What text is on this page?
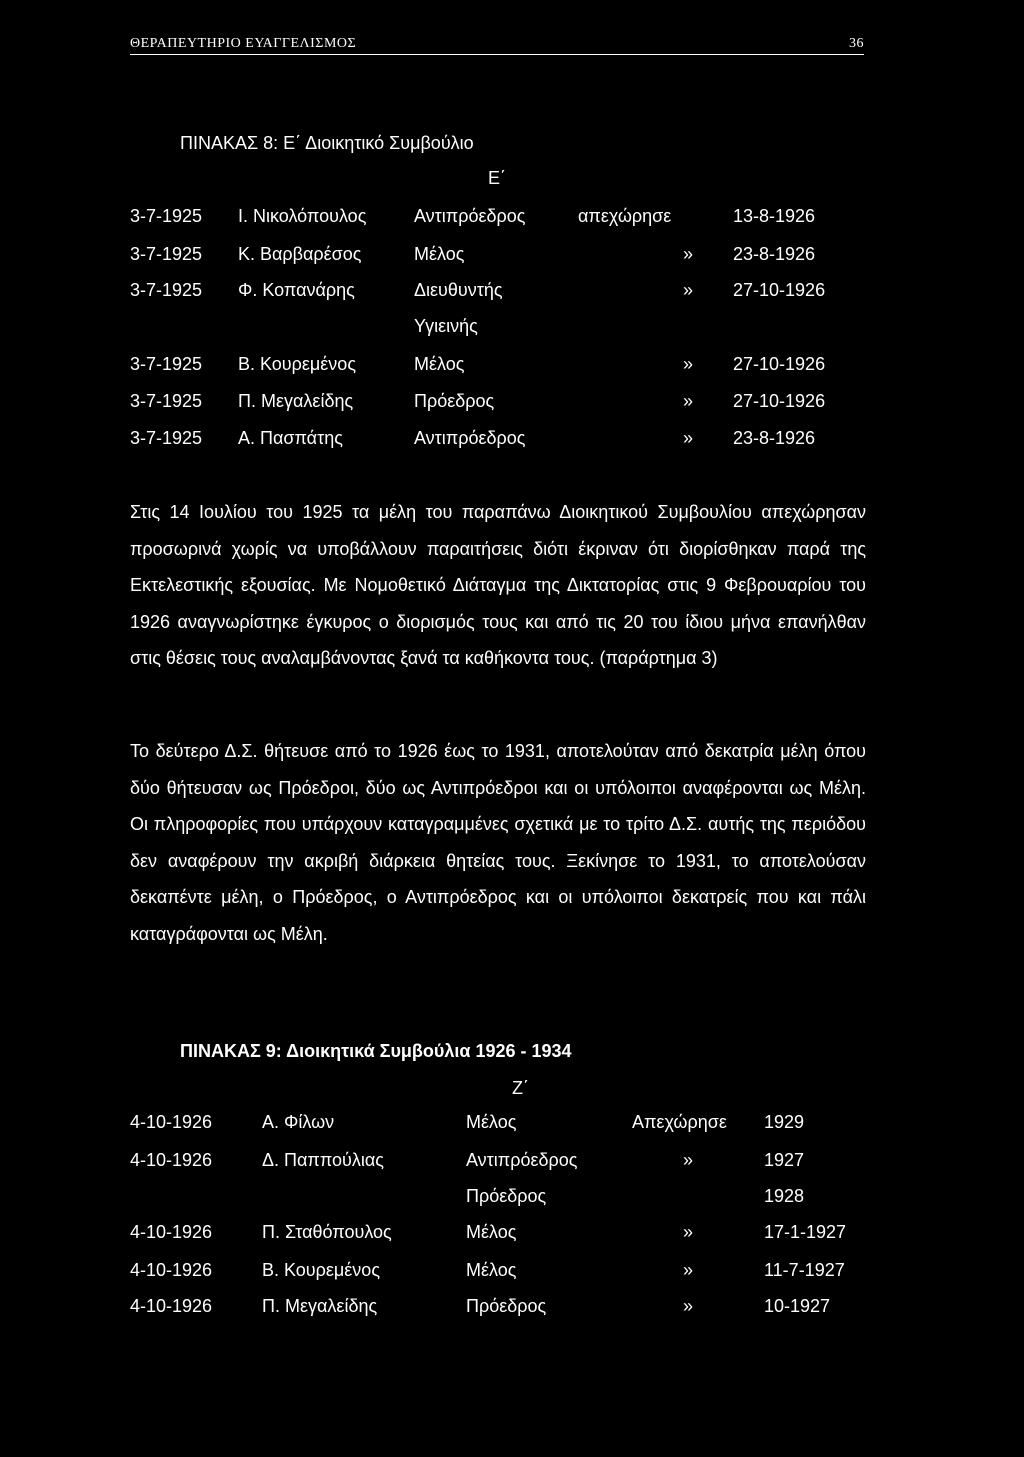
ΘΕΡΑΠΕΥΤΗΡΙΟ ΕΥΑΓΓΕΛΙΣΜΟΣ	36
ΠΙΝΑΚΑΣ 8: Ε΄ Διοικητικό Συμβούλιο
Ε΄
3-7-1925 Ι. Νικολόπουλος	Αντιπρόεδρος	απεχώρησε	13-8-1926
3-7-1925 Κ. Βαρβαρέσος	Μέλος	» 23-8-1926
3-7-1925 Φ. Κοπανάρης	Διευθυντής	» 27-10-1926
Υγιεινής
3-7-1925 Β. Κουρεμένος	Μέλος	» 27-10-1926
3-7-1925 Π. Μεγαλείδης	Πρόεδρος	» 27-10-1926
3-7-1925 Α. Πασπάτης	Αντιπρόεδρος	» 23-8-1926

Στις 14 Ιουλίου του 1925 τα μέλη του παραπάνω Διοικητικού Συμβουλίου απεχώρησαν προσωρινά χωρίς να υποβάλλουν παραιτήσεις διότι έκριναν ότι διορίσθηκαν παρά της Εκτελεστικής εξουσίας. Με Νομοθετικό Διάταγμα της Δικτατορίας στις 9 Φεβρουαρίου του 1926 αναγνωρίστηκε έγκυρος ο διορισμός τους και από τις 20 του ίδιου μήνα επανήλθαν στις θέσεις τους αναλαμβάνοντας ξανά τα καθήκοντα τους. (παράρτημα 3)

Το δεύτερο Δ.Σ. θήτευσε από το 1926 έως το 1931, αποτελούταν από δεκατρία μέλη όπου δύο θήτευσαν ως Πρόεδροι, δύο ως Αντιπρόεδροι και οι υπόλοιποι αναφέρονται ως Μέλη. Οι πληροφορίες που υπάρχουν καταγραμμένες σχετικά με το τρίτο Δ.Σ. αυτής της περιόδου δεν αναφέρουν την ακριβή διάρκεια θητείας τους. Ξεκίνησε το 1931, το αποτελούσαν δεκαπέντε μέλη, ο Πρόεδρος, ο Αντιπρόεδρος και οι υπόλοιποι δεκατρείς που και πάλι καταγράφονται ως Μέλη.

ΠΙΝΑΚΑΣ 9: Διοικητικά Συμβούλια 1926 - 1934
Ζ΄
4-10-1926	Α. Φίλων	Μέλος	Απεχώρησε 1929
4-10-1926	Δ. Παππούλιας	Αντιπρόεδρος	»	1927
Πρόεδρος	1928
4-10-1926	Π. Σταθόπουλος	Μέλος	»	17-1-1927
4-10-1926	Β. Κουρεμένος	Μέλος	»	11-7-1927
4-10-1926	Π. Μεγαλείδης	Πρόεδρος	»	10-1927
